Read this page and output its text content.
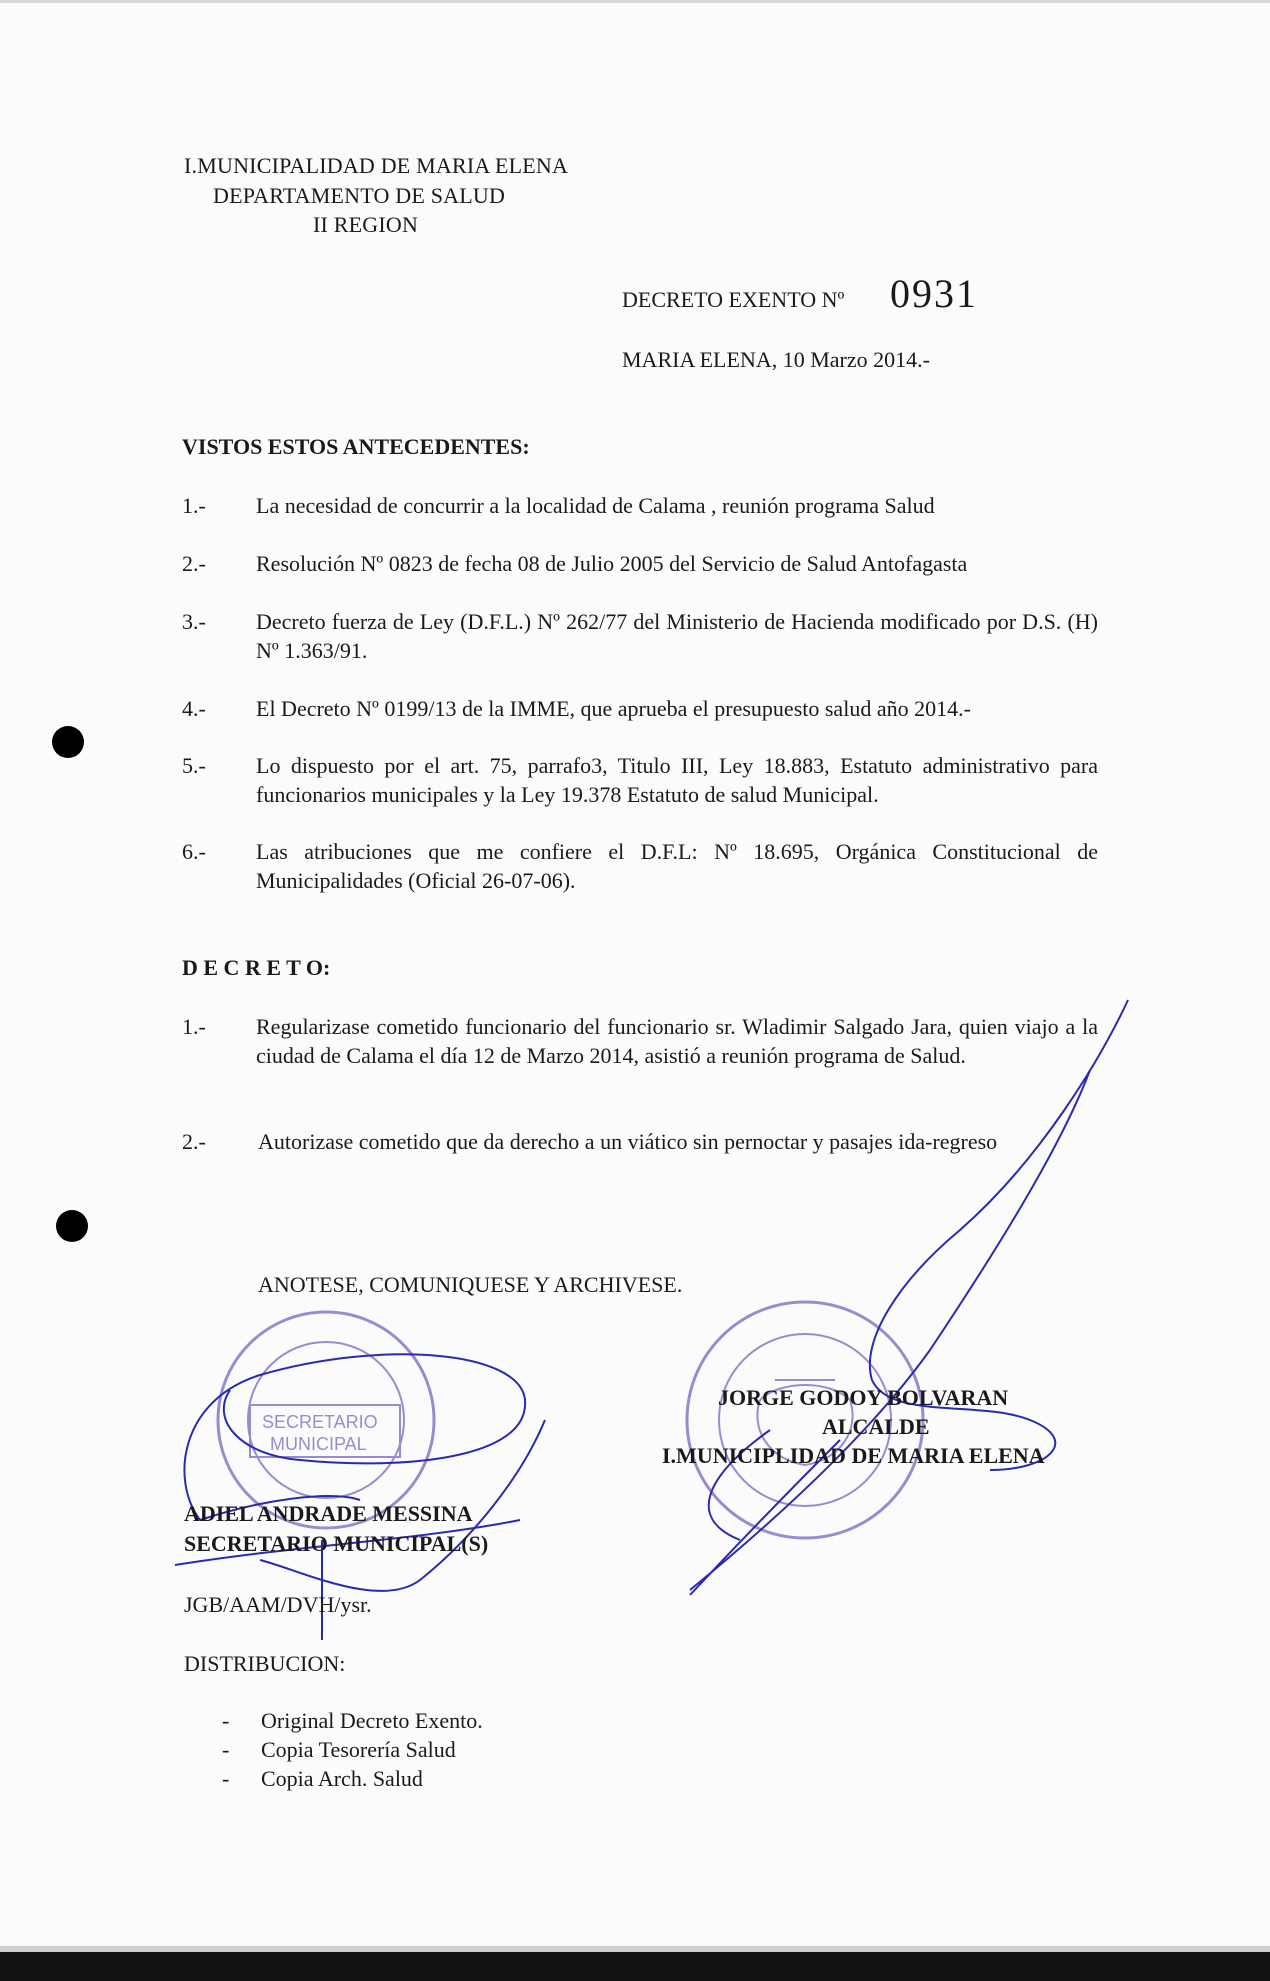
I.MUNICIPALIDAD DE MARIA ELENA
DEPARTAMENTO DE SALUD
II REGION
DECRETO EXENTO Nº 0931
MARIA ELENA, 10 Marzo 2014.-
VISTOS ESTOS ANTECEDENTES:
1.- La necesidad de concurrir a la localidad de Calama , reunión programa Salud
2.- Resolución Nº 0823 de fecha 08 de Julio 2005 del Servicio de Salud Antofagasta
3.- Decreto fuerza de Ley (D.F.L.) Nº 262/77 del Ministerio de Hacienda modificado por D.S. (H) Nº 1.363/91.
4.- El Decreto Nº 0199/13 de la IMME, que aprueba el presupuesto salud año 2014.-
5.- Lo dispuesto por el art. 75, parrafo3, Titulo III, Ley 18.883, Estatuto administrativo para funcionarios municipales y la Ley 19.378 Estatuto de salud Municipal.
6.- Las atribuciones que me confiere el D.F.L: Nº 18.695, Orgánica Constitucional de Municipalidades (Oficial 26-07-06).
D E C R E T O:
1.- Regularizase cometido funcionario del funcionario sr. Wladimir Salgado Jara, quien viajo a la ciudad de Calama el día 12 de Marzo 2014, asistió a reunión programa de Salud.
2.- Autorizase cometido que da derecho a un viático sin pernoctar y pasajes ida-regreso
ANOTESE, COMUNIQUESE Y ARCHIVESE.
SECRETARIO
MUNICIPAL
ADIEL ANDRADE MESSINA
SECRETARIO MUNICIPAL(S)
JORGE GODOY BOLVARAN
ALCALDE
I.MUNICIPLIDAD DE MARIA ELENA
JGB/AAM/DVH/ysr.
DISTRIBUCION:
- Original Decreto Exento.
- Copia Tesorería Salud
- Copia Arch. Salud
